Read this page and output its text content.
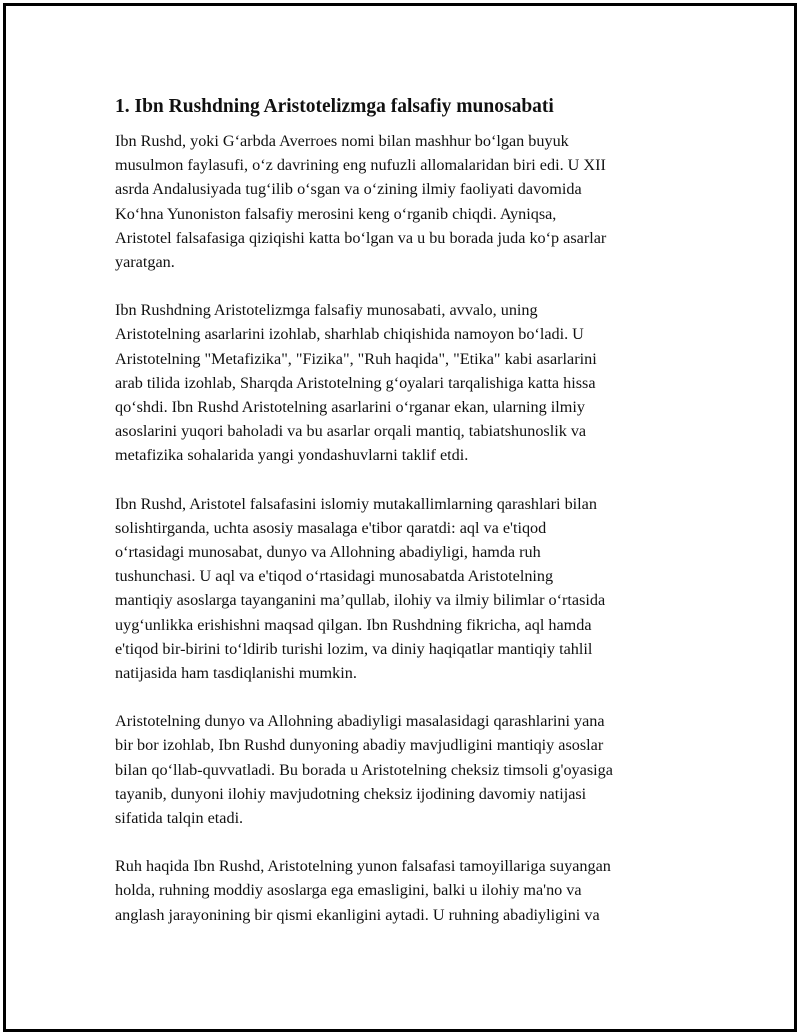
1. Ibn Rushdning Aristotelizmga falsafiy munosabati

Ibn Rushd, yoki G‘arbda Averroes nomi bilan mashhur bo‘lgan buyuk
musulmon faylasufi, o‘z davrining eng nufuzli allomalaridan biri edi. U XII
asrda Andalusiyada tug‘ilib o‘sgan va o‘zining ilmiy faoliyati davomida
Ko‘hna Yunoniston falsafiy merosini keng o‘rganib chiqdi. Ayniqsa,
Aristotel falsafasiga qiziqishi katta bo‘lgan va u bu borada juda ko‘p asarlar
yaratgan.

Ibn Rushdning Aristotelizmga falsafiy munosabati, avvalo, uning
Aristotelning asarlarini izohlab, sharhlab chiqishida namoyon bo‘ladi. U
Aristotelning "Metafizika", "Fizika", "Ruh haqida", "Etika" kabi asarlarini
arab tilida izohlab, Sharqda Aristotelning g‘oyalari tarqalishiga katta hissa
qo‘shdi. Ibn Rushd Aristotelning asarlarini o‘rganar ekan, ularning ilmiy
asoslarini yuqori baholadi va bu asarlar orqali mantiq, tabiatshunoslik va
metafizika sohalarida yangi yondashuvlarni taklif etdi.

Ibn Rushd, Aristotel falsafasini islomiy mutakallimlarning qarashlari bilan
solishtirganda, uchta asosiy masalaga e'tibor qaratdi: aql va e'tiqod
o‘rtasidagi munosabat, dunyo va Allohning abadiyligi, hamda ruh
tushunchasi. U aql va e'tiqod o‘rtasidagi munosabatda Aristotelning
mantiqiy asoslarga tayanganini ma’qullab, ilohiy va ilmiy bilimlar o‘rtasida
uyg‘unlikka erishishni maqsad qilgan. Ibn Rushdning fikricha, aql hamda
e'tiqod bir-birini to‘ldirib turishi lozim, va diniy haqiqatlar mantiqiy tahlil
natijasida ham tasdiqlanishi mumkin.

Aristotelning dunyo va Allohning abadiyligi masalasidagi qarashlarini yana
bir bor izohlab, Ibn Rushd dunyoning abadiy mavjudligini mantiqiy asoslar
bilan qo‘llab-quvvatladi. Bu borada u Aristotelning cheksiz timsoli g'oyasiga
tayanib, dunyoni ilohiy mavjudotning cheksiz ijodining davomiy natijasi
sifatida talqin etadi.

Ruh haqida Ibn Rushd, Aristotelning yunon falsafasi tamoyillariga suyangan
holda, ruhning moddiy asoslarga ega emasligini, balki u ilohiy ma'no va
anglash jarayonining bir qismi ekanligini aytadi. U ruhning abadiyligini va
